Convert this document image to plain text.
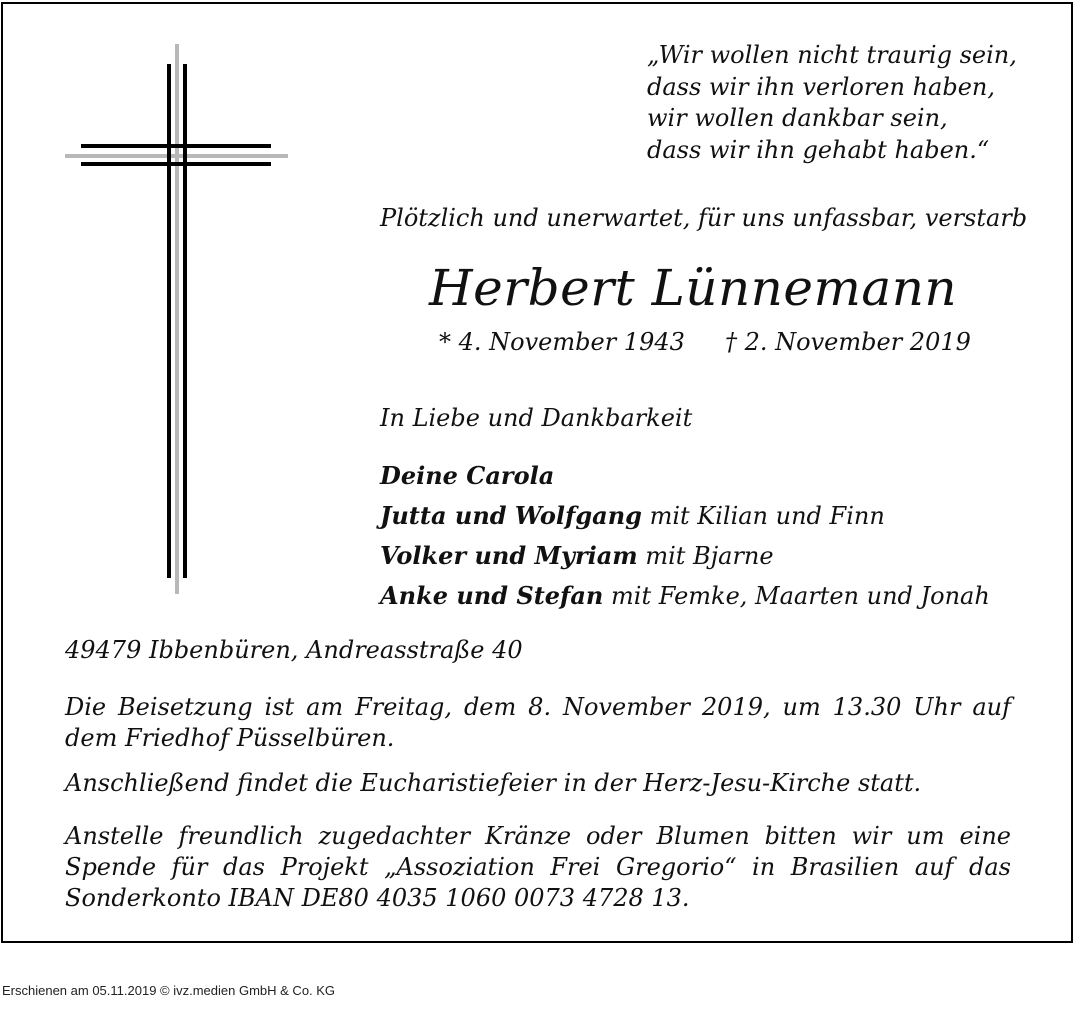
„Wir wollen nicht traurig sein,
dass wir ihn verloren haben,
wir wollen dankbar sein,
dass wir ihn gehabt haben.“
Plötzlich und unerwartet, für uns unfassbar, verstarb
Herbert Lünnemann
* 4. November 1943 † 2. November 2019
In Liebe und Dankbarkeit
Deine Carola
Jutta und Wolfgang mit Kilian und Finn
Volker und Myriam mit Bjarne
Anke und Stefan mit Femke, Maarten und Jonah
49479 Ibbenbüren, Andreasstraße 40
Die Beisetzung ist am Freitag, dem 8. November 2019, um 13.30 Uhr auf dem Friedhof Püsselbüren.
Anschließend findet die Eucharistiefeier in der Herz-Jesu-Kirche statt.
Anstelle freundlich zugedachter Kränze oder Blumen bitten wir um eine Spende für das Projekt „Assoziation Frei Gregorio“ in Brasilien auf das Sonderkonto IBAN DE80 4035 1060 0073 4728 13.
Erschienen am 05.11.2019 © ivz.medien GmbH & Co. KG
